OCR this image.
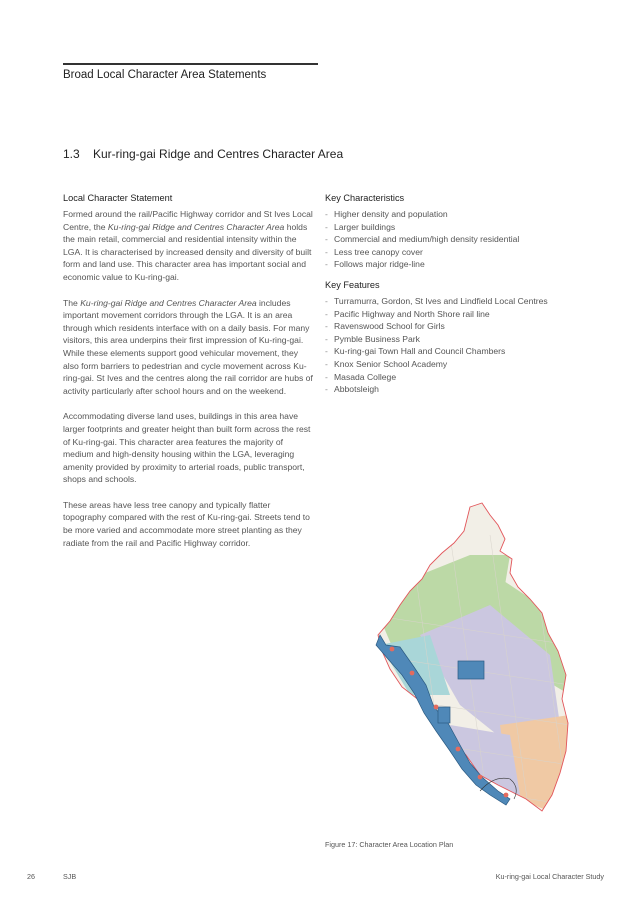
Broad Local Character Area Statements
1.3 Kur-ring-gai Ridge and Centres Character Area
Local Character Statement

Formed around the rail/Pacific Highway corridor and St Ives Local Centre, the Ku-ring-gai Ridge and Centres Character Area holds the main retail, commercial and residential intensity within the LGA. It is characterised by increased density and diversity of built form and land use. This character area has important social and economic value to Ku-ring-gai.

The Ku-ring-gai Ridge and Centres Character Area includes important movement corridors through the LGA. It is an area through which residents interface with on a daily basis. For many visitors, this area underpins their first impression of Ku-ring-gai. While these elements support good vehicular movement, they also form barriers to pedestrian and cycle movement across Ku-ring-gai. St Ives and the centres along the rail corridor are hubs of activity particularly after school hours and on the weekend.

Accommodating diverse land uses, buildings in this area have larger footprints and greater height than built form across the rest of Ku-ring-gai. This character area features the majority of medium and high-density housing within the LGA, leveraging amenity provided by proximity to arterial roads, public transport, shops and schools.

These areas have less tree canopy and typically flatter topography compared with the rest of Ku-ring-gai. Streets tend to be more varied and accommodate more street planting as they radiate from the rail and Pacific Highway corridor.

Key Characteristics
- Higher density and population
- Larger buildings
- Commercial and medium/high density residential
- Less tree canopy cover
- Follows major ridge-line
Key Features
- Turramurra, Gordon, St Ives and Lindfield Local Centres
- Pacific Highway and North Shore rail line
- Ravenswood School for Girls
- Pymble Business Park
- Ku-ring-gai Town Hall and Council Chambers
- Knox Senior School Academy
- Masada College
- Abbotsleigh
Figure 17: Character Area Location Plan
26	SJB	Ku-ring-gai Local Character Study
